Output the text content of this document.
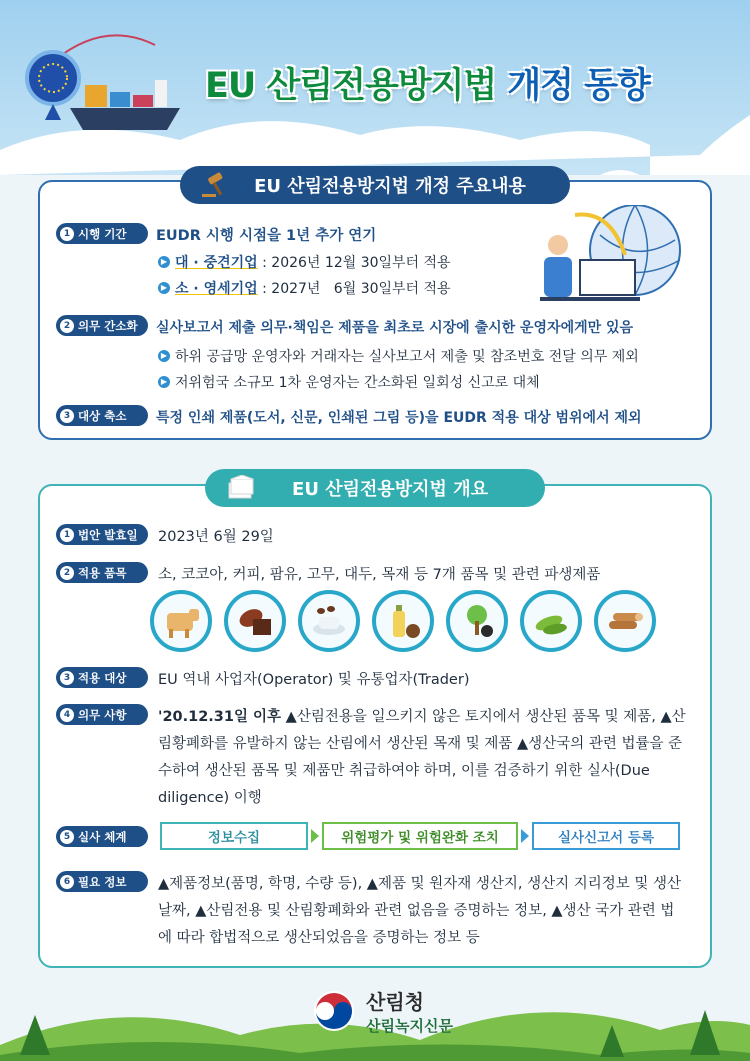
EU 산림전용방지법 개정 동향
EU 산림전용방지법 개정 주요내용
1 시행 기간 EUDR 시행 시점을 1년 추가 연기
▶ 대 · 중견기업 : 2026년 12월 30일부터 적용
▶ 소 · 영세기업 : 2027년   6월 30일부터 적용
2 의무 간소화 실사보고서 제출 의무·책임은 제품을 최초로 시장에 출시한 운영자에게만 있음
▶ 하위 공급망 운영자와 거래자는 실사보고서 제출 및 참조번호 전달 의무 제외
▶ 저위험국 소규모 1차 운영자는 간소화된 일회성 신고로 대체
3 대상 축소 특정 인쇄 제품(도서, 신문, 인쇄된 그림 등)을 EUDR 적용 대상 범위에서 제외
EU 산림전용방지법 개요
1 법안 발효일 2023년 6월 29일
2 적용 품목 소, 코코아, 커피, 팜유, 고무, 대두, 목재 등 7개 품목 및 관련 파생제품
3 적용 대상 EU 역내 사업자(Operator) 및 유통업자(Trader)
4 의무 사항 '20.12.31일 이후 ▲산림전용을 일으키지 않은 토지에서 생산된 품목 및 제품, ▲산림황폐화를 유발하지 않는 산림에서 생산된 목재 및 제품 ▲생산국의 관련 법률을 준수하여 생산된 품목 및 제품만 취급하여야 하며, 이를 검증하기 위한 실사(Due diligence) 이행
5 실사 체계	정보수집	위험평가 및 위험완화 조치	실사신고서 등록
6 필요 정보 ▲제품정보(품명, 학명, 수량 등), ▲제품 및 원자재 생산지, 생산지 지리정보 및 생산날짜, ▲산림전용 및 산림황폐화와 관련 없음을 증명하는 정보, ▲생산 국가 관련 법에 따라 합법적으로 생산되었음을 증명하는 정보 등
산림청
산림녹지신문
